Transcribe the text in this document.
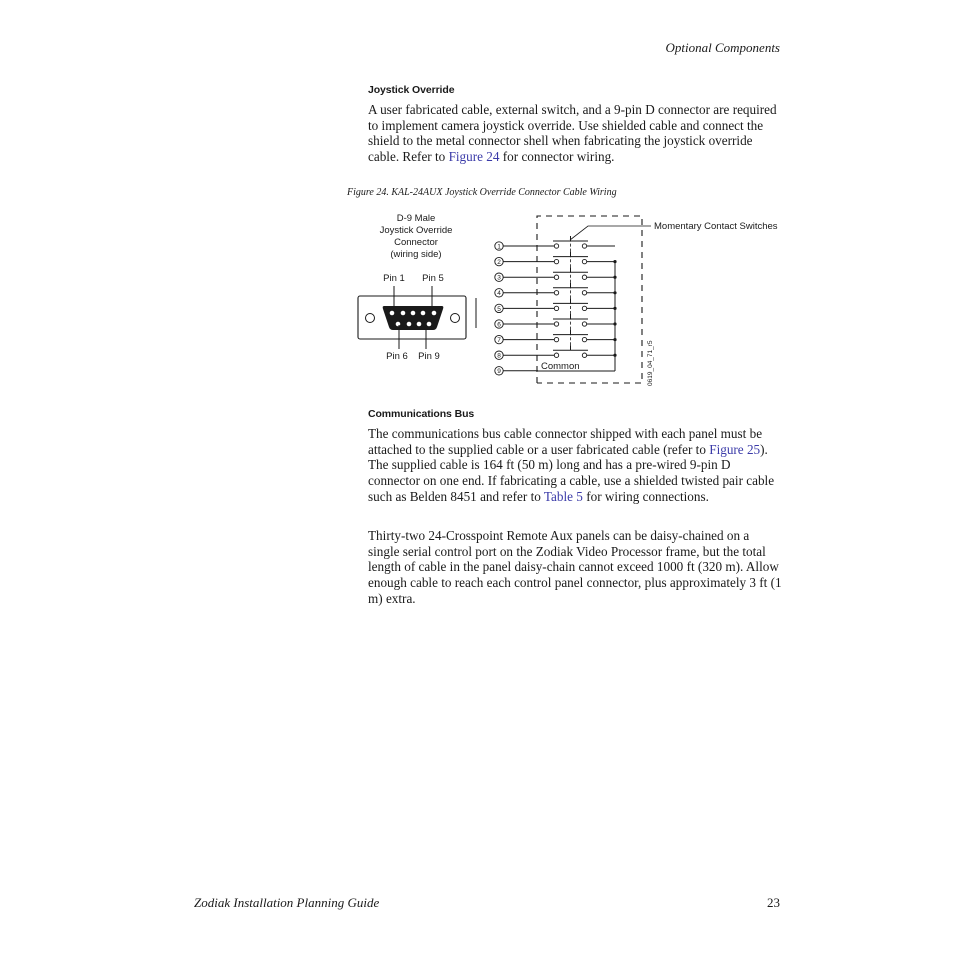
Optional Components
Joystick Override
A user fabricated cable, external switch, and a 9-pin D connector are required to implement camera joystick override. Use shielded cable and connect the shield to the metal connector shell when fabricating the joystick override cable. Refer to Figure 24 for connector wiring.
Figure 24. KAL-24AUX Joystick Override Connector Cable Wiring
D-9 Male
Joystick Override
Connector
(wiring side)
Pin 1 Pin 5
Pin 6 Pin 9
1
2
3
4
5
6
7
8
9	Common
Momentary Contact Switches
0619_04_71_r5
Communications Bus
The communications bus cable connector shipped with each panel must be attached to the supplied cable or a user fabricated cable (refer to Figure 25). The supplied cable is 164 ft (50 m) long and has a pre-wired 9-pin D connector on one end. If fabricating a cable, use a shielded twisted pair cable such as Belden 8451 and refer to Table 5 for wiring connections.
Thirty-two 24-Crosspoint Remote Aux panels can be daisy-chained on a single serial control port on the Zodiak Video Processor frame, but the total length of cable in the panel daisy-chain cannot exceed 1000 ft (320 m). Allow enough cable to reach each control panel connector, plus approximately 3 ft (1 m) extra.
Zodiak Installation Planning Guide	23
